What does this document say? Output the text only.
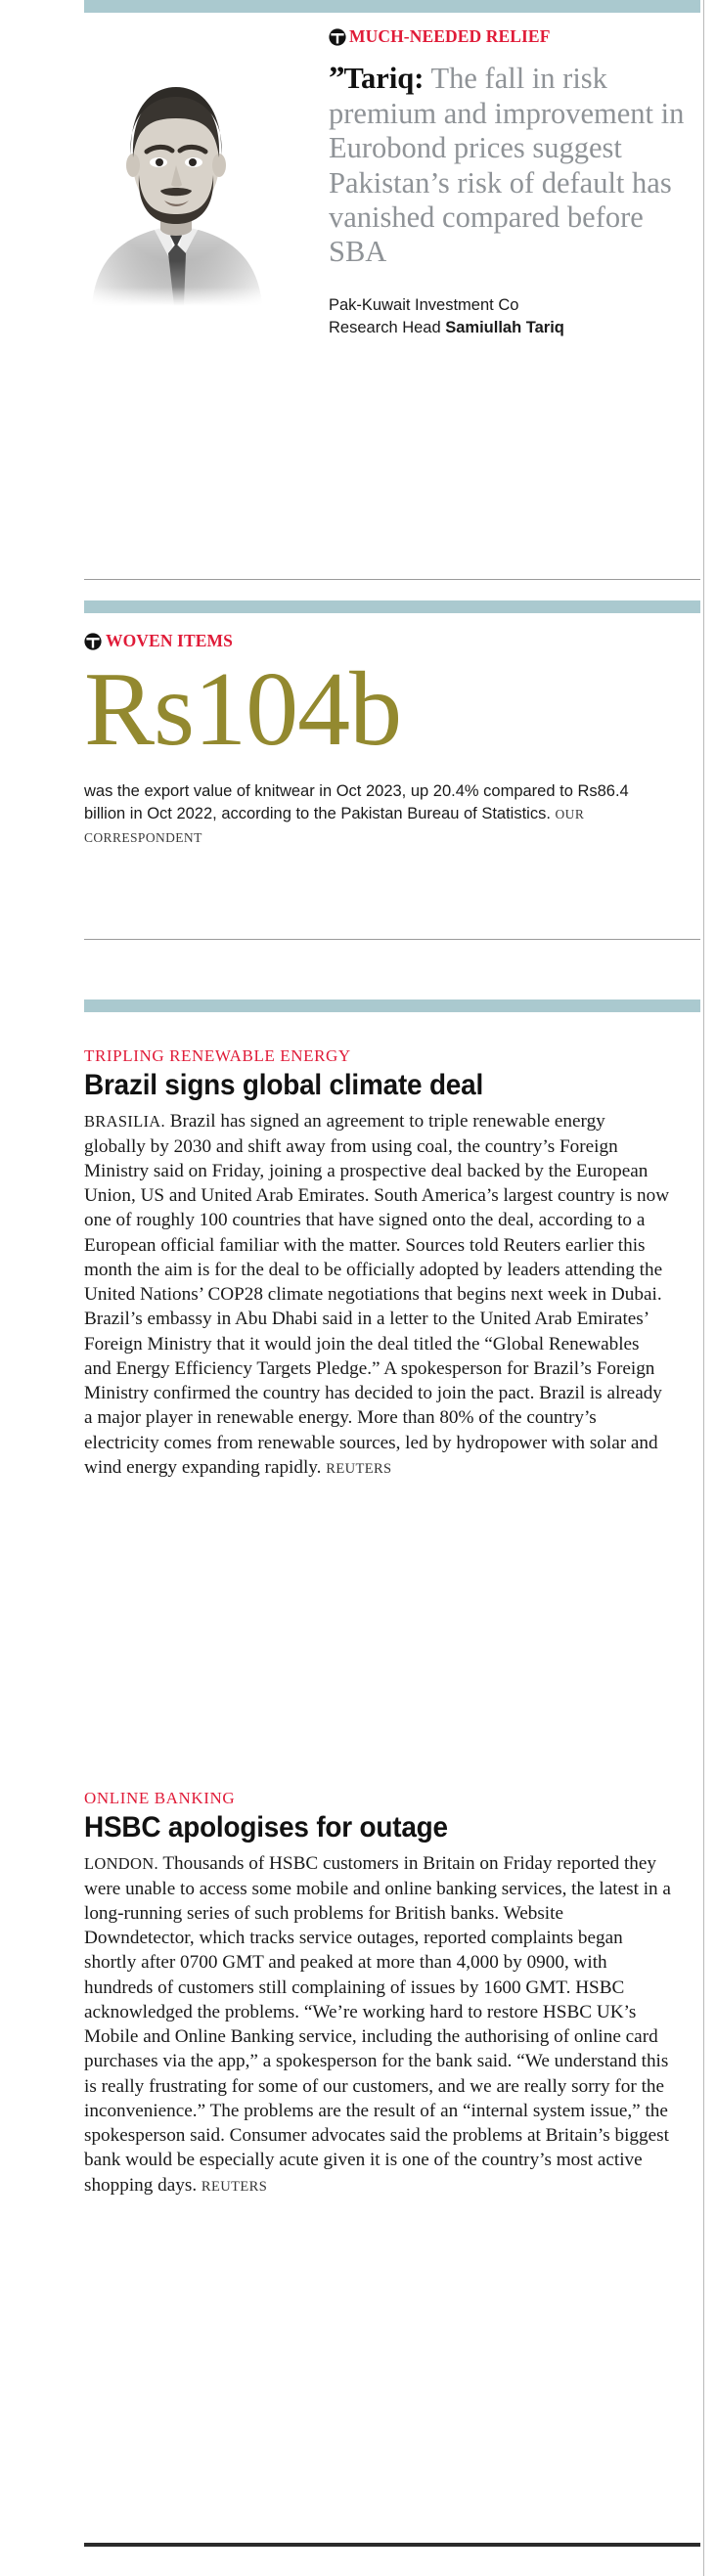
MUCH-NEEDED RELIEF

”Tariq: The fall in risk premium and improvement in Eurobond prices suggest Pakistan’s risk of default has vanished compared before SBA

Pak-Kuwait Investment Co
Research Head Samiullah Tariq
WOVEN ITEMS
Rs104b

was the export value of knitwear in Oct 2023, up 20.4% compared to Rs86.4 billion in Oct 2022, according to the Pakistan Bureau of Statistics. OUR CORRESPONDENT

TRIPLING RENEWABLE ENERGY
Brazil signs global climate deal

BRASILIA. Brazil has signed an agreement to triple renewable energy globally by 2030 and shift away from using coal, the country’s Foreign Ministry said on Friday, joining a prospective deal backed by the European Union, US and United Arab Emirates. South America’s largest country is now one of roughly 100 countries that have signed onto the deal, according to a European official familiar with the matter. Sources told Reuters earlier this month the aim is for the deal to be officially adopted by leaders attending the United Nations’ COP28 climate negotiations that begins next week in Dubai. Brazil’s embassy in Abu Dhabi said in a letter to the United Arab Emirates’ Foreign Ministry that it would join the deal titled the “Global Renewables and Energy Efficiency Targets Pledge.” A spokesperson for Brazil’s Foreign Ministry confirmed the country has decided to join the pact. Brazil is already a major player in renewable energy. More than 80% of the country’s electricity comes from renewable sources, led by hydropower with solar and wind energy expanding rapidly. REUTERS

ONLINE BANKING
HSBC apologises for outage

LONDON. Thousands of HSBC customers in Britain on Friday reported they were unable to access some mobile and online banking services, the latest in a long-running series of such problems for British banks. Website Downdetector, which tracks service outages, reported complaints began shortly after 0700 GMT and peaked at more than 4,000 by 0900, with hundreds of customers still complaining of issues by 1600 GMT. HSBC acknowledged the problems. “We’re working hard to restore HSBC UK’s Mobile and Online Banking service, including the authorising of online card purchases via the app,” a spokesperson for the bank said. “We understand this is really frustrating for some of our customers, and we are really sorry for the inconvenience.” The problems are the result of an “internal system issue,” the spokesperson said. Consumer advocates said the problems at Britain’s biggest bank would be especially acute given it is one of the country’s most active shopping days. REUTERS
